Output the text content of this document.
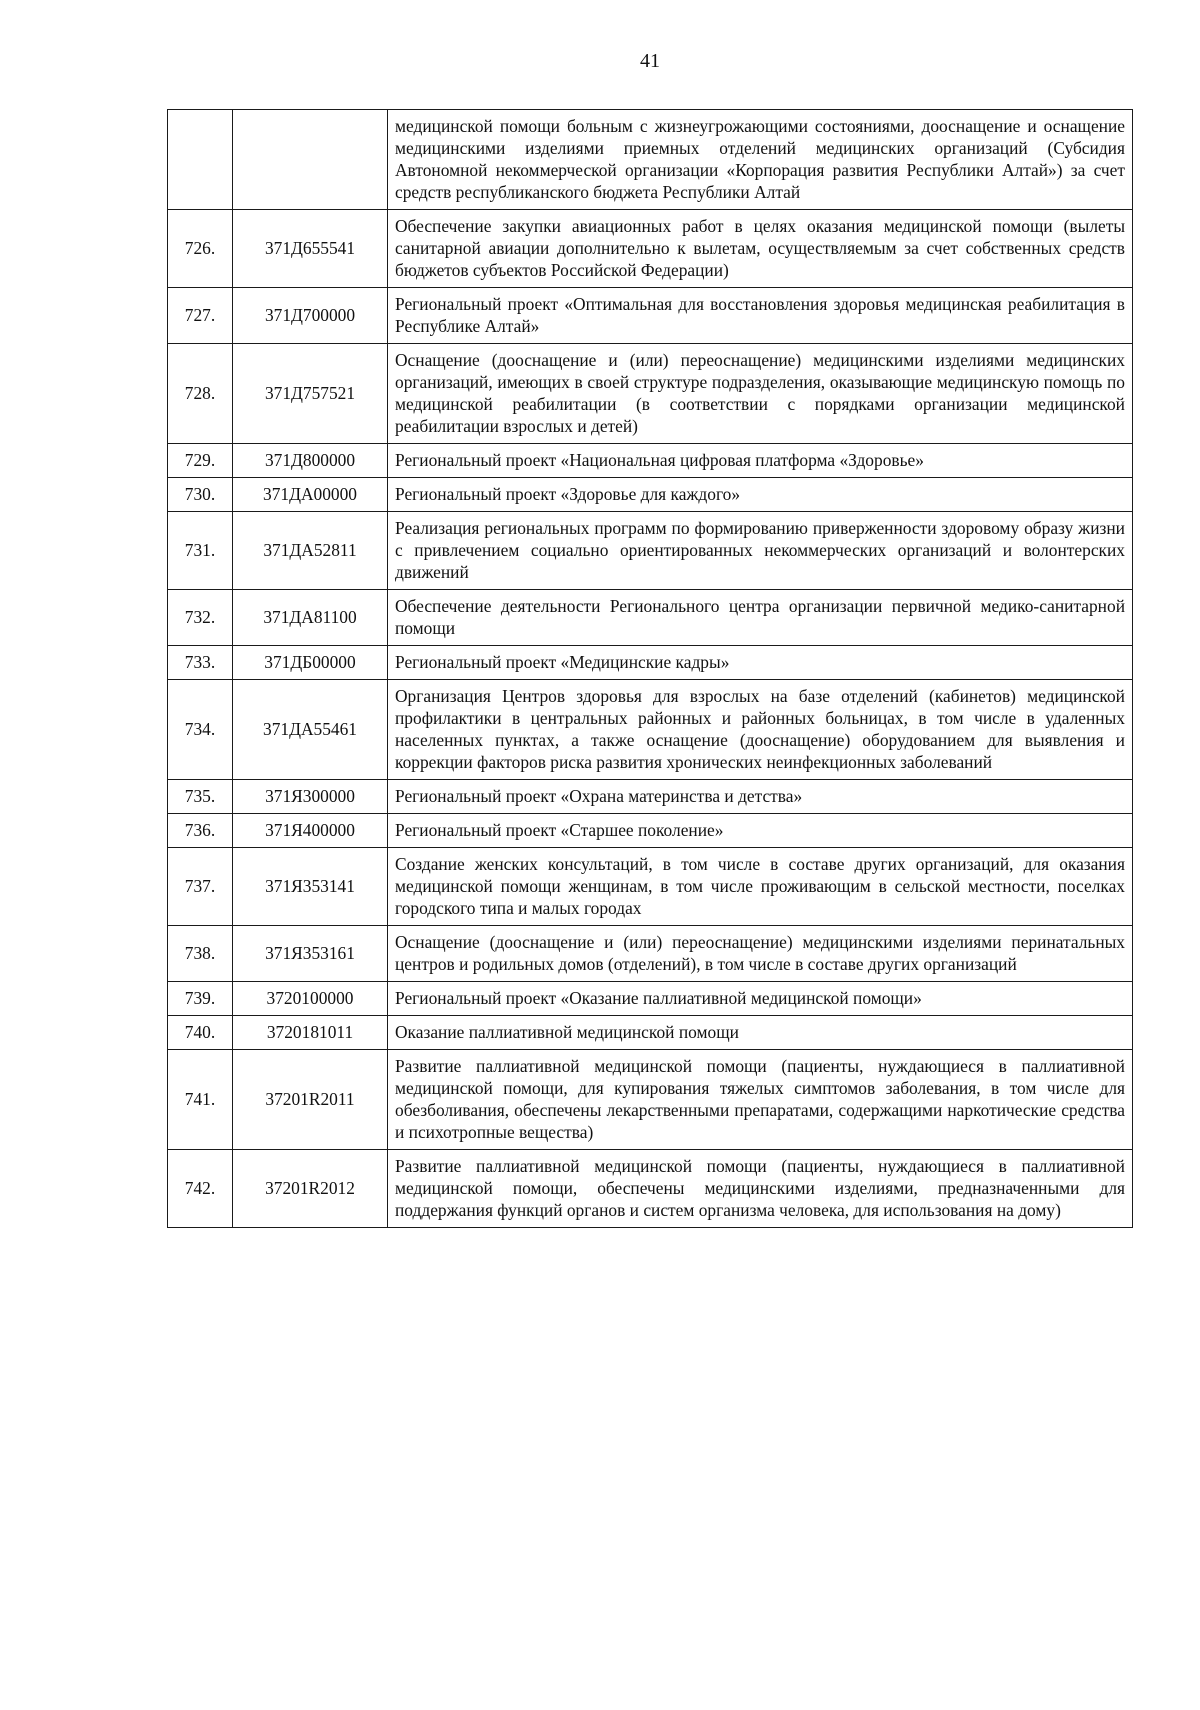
41
		медицинской помощи больным с жизнеугрожающими состояниями, дооснащение и оснащение медицинскими изделиями приемных отделений медицинских организаций (Субсидия Автономной некоммерческой организации «Корпорация развития Республики Алтай») за счет средств республиканского бюджета Республики Алтай
726.	371Д655541	Обеспечение закупки авиационных работ в целях оказания медицинской помощи (вылеты санитарной авиации дополнительно к вылетам, осуществляемым за счет собственных средств бюджетов субъектов Российской Федерации)
727.	371Д700000	Региональный проект «Оптимальная для восстановления здоровья медицинская реабилитация в Республике Алтай»
728.	371Д757521	Оснащение (дооснащение и (или) переоснащение) медицинскими изделиями медицинских организаций, имеющих в своей структуре подразделения, оказывающие медицинскую помощь по медицинской реабилитации (в соответствии с порядками организации медицинской реабилитации взрослых и детей)
729.	371Д800000	Региональный проект «Национальная цифровая платформа «Здоровье»
730.	371ДА00000	Региональный проект «Здоровье для каждого»
731.	371ДА52811	Реализация региональных программ по формированию приверженности здоровому образу жизни с привлечением социально ориентированных некоммерческих организаций и волонтерских движений
732.	371ДА81100	Обеспечение деятельности Регионального центра организации первичной медико-санитарной помощи
733.	371ДБ00000	Региональный проект «Медицинские кадры»
734.	371ДА55461	Организация Центров здоровья для взрослых на базе отделений (кабинетов) медицинской профилактики в центральных районных и районных больницах, в том числе в удаленных населенных пунктах, а также оснащение (дооснащение) оборудованием для выявления и коррекции факторов риска развития хронических неинфекционных заболеваний
735.	371Я300000	Региональный проект «Охрана материнства и детства»
736.	371Я400000	Региональный проект «Старшее поколение»
737.	371Я353141	Создание женских консультаций, в том числе в составе других организаций, для оказания медицинской помощи женщинам, в том числе проживающим в сельской местности, поселках городского типа и малых городах
738.	371Я353161	Оснащение (дооснащение и (или) переоснащение) медицинскими изделиями перинатальных центров и родильных домов (отделений), в том числе в составе других организаций
739.	3720100000	Региональный проект «Оказание паллиативной медицинской помощи»
740.	3720181011	Оказание паллиативной медицинской помощи
741.	37201R2011	Развитие паллиативной медицинской помощи (пациенты, нуждающиеся в паллиативной медицинской помощи, для купирования тяжелых симптомов заболевания, в том числе для обезболивания, обеспечены лекарственными препаратами, содержащими наркотические средства и психотропные вещества)
742.	37201R2012	Развитие паллиативной медицинской помощи (пациенты, нуждающиеся в паллиативной медицинской помощи, обеспечены медицинскими изделиями, предназначенными для поддержания функций органов и систем организма человека, для использования на дому)
